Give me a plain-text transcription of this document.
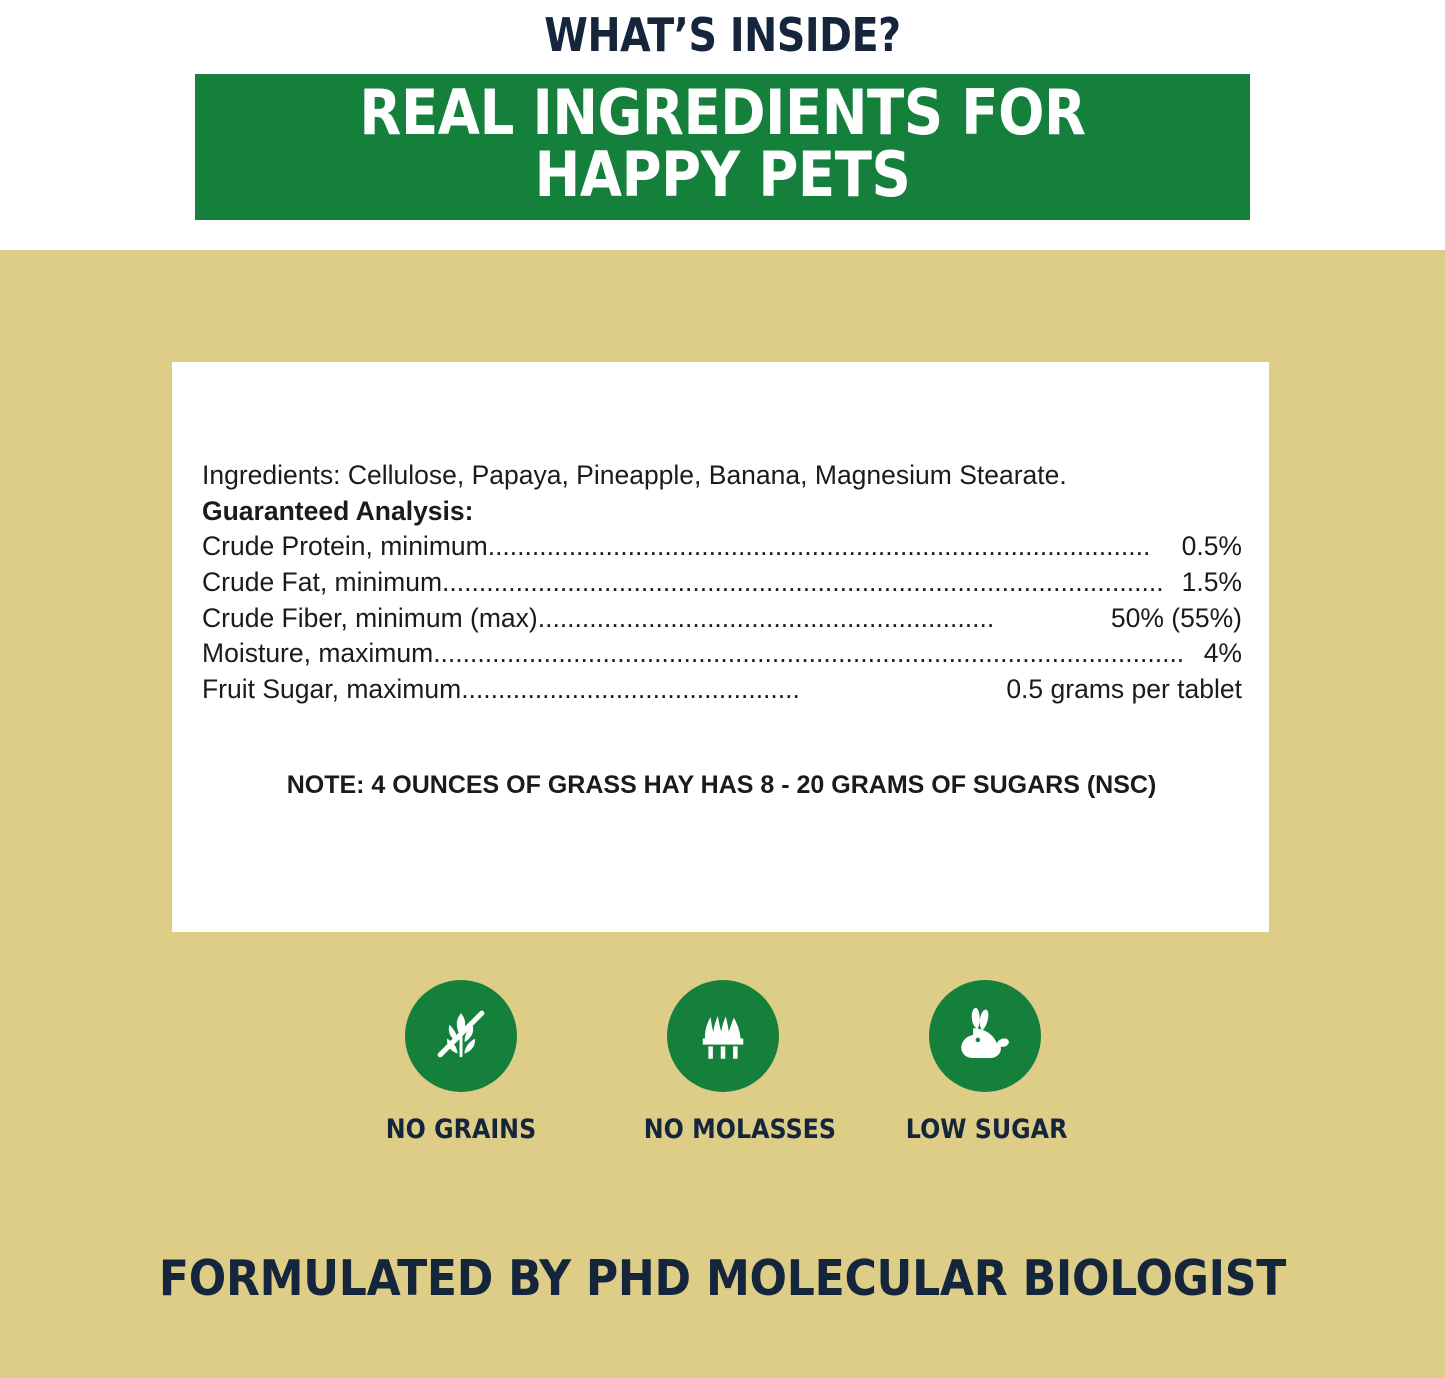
WHAT’S INSIDE?
REAL INGREDIENTS FOR HAPPY PETS
Ingredients: Cellulose, Papaya, Pineapple, Banana, Magnesium Stearate.
Guaranteed Analysis:
Crude Protein, minimum ..........................................................................................	0.5%
Crude Fat, minimum .................................................................................................. 1.5%
Crude Fiber, minimum (max) ..............................................................	50% (55%)
Moisture, maximum ...................................................................................................... 4%
Fruit Sugar, maximum ..............................................	0.5 grams per tablet
NOTE: 4 OUNCES OF GRASS HAY HAS 8 - 20 GRAMS OF SUGARS (NSC)
NO GRAINS	NO MOLASSES	LOW SUGAR
FORMULATED BY PHD MOLECULAR BIOLOGIST
